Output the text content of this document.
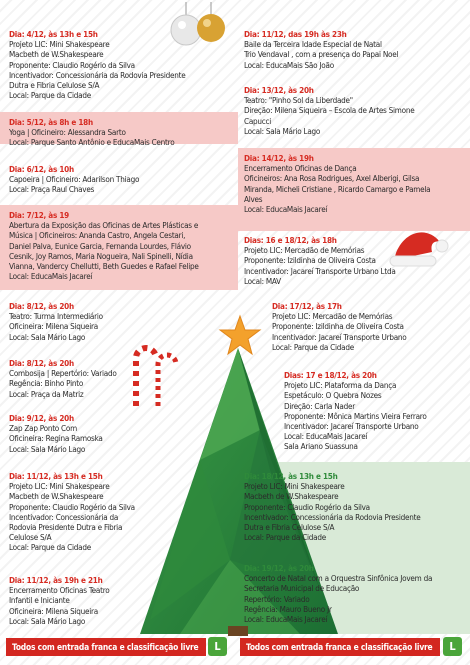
Dia: 4/12, às 13h e 15h
Projeto LIC: Mini Shakespeare
Macbeth de W.Shakespeare
Proponente: Claudio Rogério da Silva
Incentivador: Concessionária da Rodovia Presidente
Dutra e Fibria Celulose S/A
Local: Parque da Cidade
Dia: 5/12, às 8h e 18h
Yoga | Oficineiro: Alessandra Sarto
Local: Parque Santo Antônio e EducaMais Centro
Dia: 6/12, às 10h
Capoeira | Oficineiro: Adarilson Thiago
Local: Praça Raul Chaves
Dia: 7/12, às 19
Abertura da Exposição das Oficinas de Artes Plásticas e
Música | Oficineiros: Ananda Castro, Angela Cestari,
Daniel Palva, Eunice Garcia, Fernanda Lourdes, Flávio
Cesnik, Joy Ramos, Maria Nogueira, Nali Spinelli, Nídia
Vianna, Vandercy Chellutti, Beth Guedes e Rafael Felipe
Local: EducaMais Jacareí
Dia: 8/12, às 20h
Teatro: Turma Intermediário
Oficineira: Milena Siqueira
Local: Sala Mário Lago
Dia: 8/12, às 20h
Combosija | Repertório: Variado
Regência: Binho Pinto
Local: Praça da Matriz
Dia: 9/12, às 20h
Zap Zap Ponto Com
Oficineira: Regina Ramoska
Local: Sala Mário Lago
Dia: 11/12, às 13h e 15h
Projeto LIC: Mini Shakespeare
Macbeth de W.Shakespeare
Proponente: Claudio Rogério da Silva
Incentivador: Concessionária da
Rodovia Presidente Dutra e Fibria
Celulose S/A
Local: Parque da Cidade
Dia: 11/12, às 19h e 21h
Encerramento Oficinas Teatro
Infantil e Iniciante
Oficineira: Milena Siqueira
Local: Sala Mário Lago
Dia: 11/12, das 19h às 23h
Baile da Terceira Idade Especial de Natal
Trio Vendaval , com a presença do Papai Noel
Local: EducaMais São João
Dia: 13/12, às 20h
Teatro: "Pinho Sol da Liberdade"
Direção: Milena Siqueira – Escola de Artes Simone
Capucci
Local: Sala Mário Lago
Dia: 14/12, às 19h
Encerramento Oficinas de Dança
Oficineiros: Ana Rosa Rodrigues, Axel Alberigi, Gilsa
Miranda, Micheli Cristiane , Ricardo Camargo e Pamela
Alves
Local: EducaMais Jacareí
Dias: 16 e 18/12, às 18h
Projeto LIC: Mercadão de Memórias
Proponente: Izildinha de Oliveira Costa
Incentivador: Jacareí Transporte Urbano Ltda
Local: MAV
Dia: 17/12, às 17h
Projeto LIC: Mercadão de Memórias
Proponente: Izildinha de Oliveira Costa
Incentivador: Jacareí Transporte Urbano
Local: Parque da Cidade
Dias: 17 e 18/12, às 20h
Projeto LIC: Plataforma da Dança
Espetáculo: O Quebra Nozes
Direção: Carla Nader
Proponente: Mônica Martins Vieira Ferraro
Incentivador: Jacareí Transporte Urbano
Local: EducaMais Jacareí
Sala Ariano Suassuna
Dia: 18/12, às 13h e 15h
Projeto LIC: Mini Shakespeare
Macbeth de W.Shakespeare
Proponente: Claudio Rogério da Silva
Incentivador: Concessionária da Rodovia Presidente
Dutra e Fibria Celulose S/A
Local: Parque da Cidade
Dia: 19/12, às 20h
Concerto de Natal com a Orquestra Sinfônica Jovem da
Secretaria Municipal de Educação
Repertório: Variado
Regência: Mauro Bueno Jr
Local: EducaMais Jacareí
Todos com entrada franca e classificação livre	L	Todos com entrada franca e classificação livre	L
